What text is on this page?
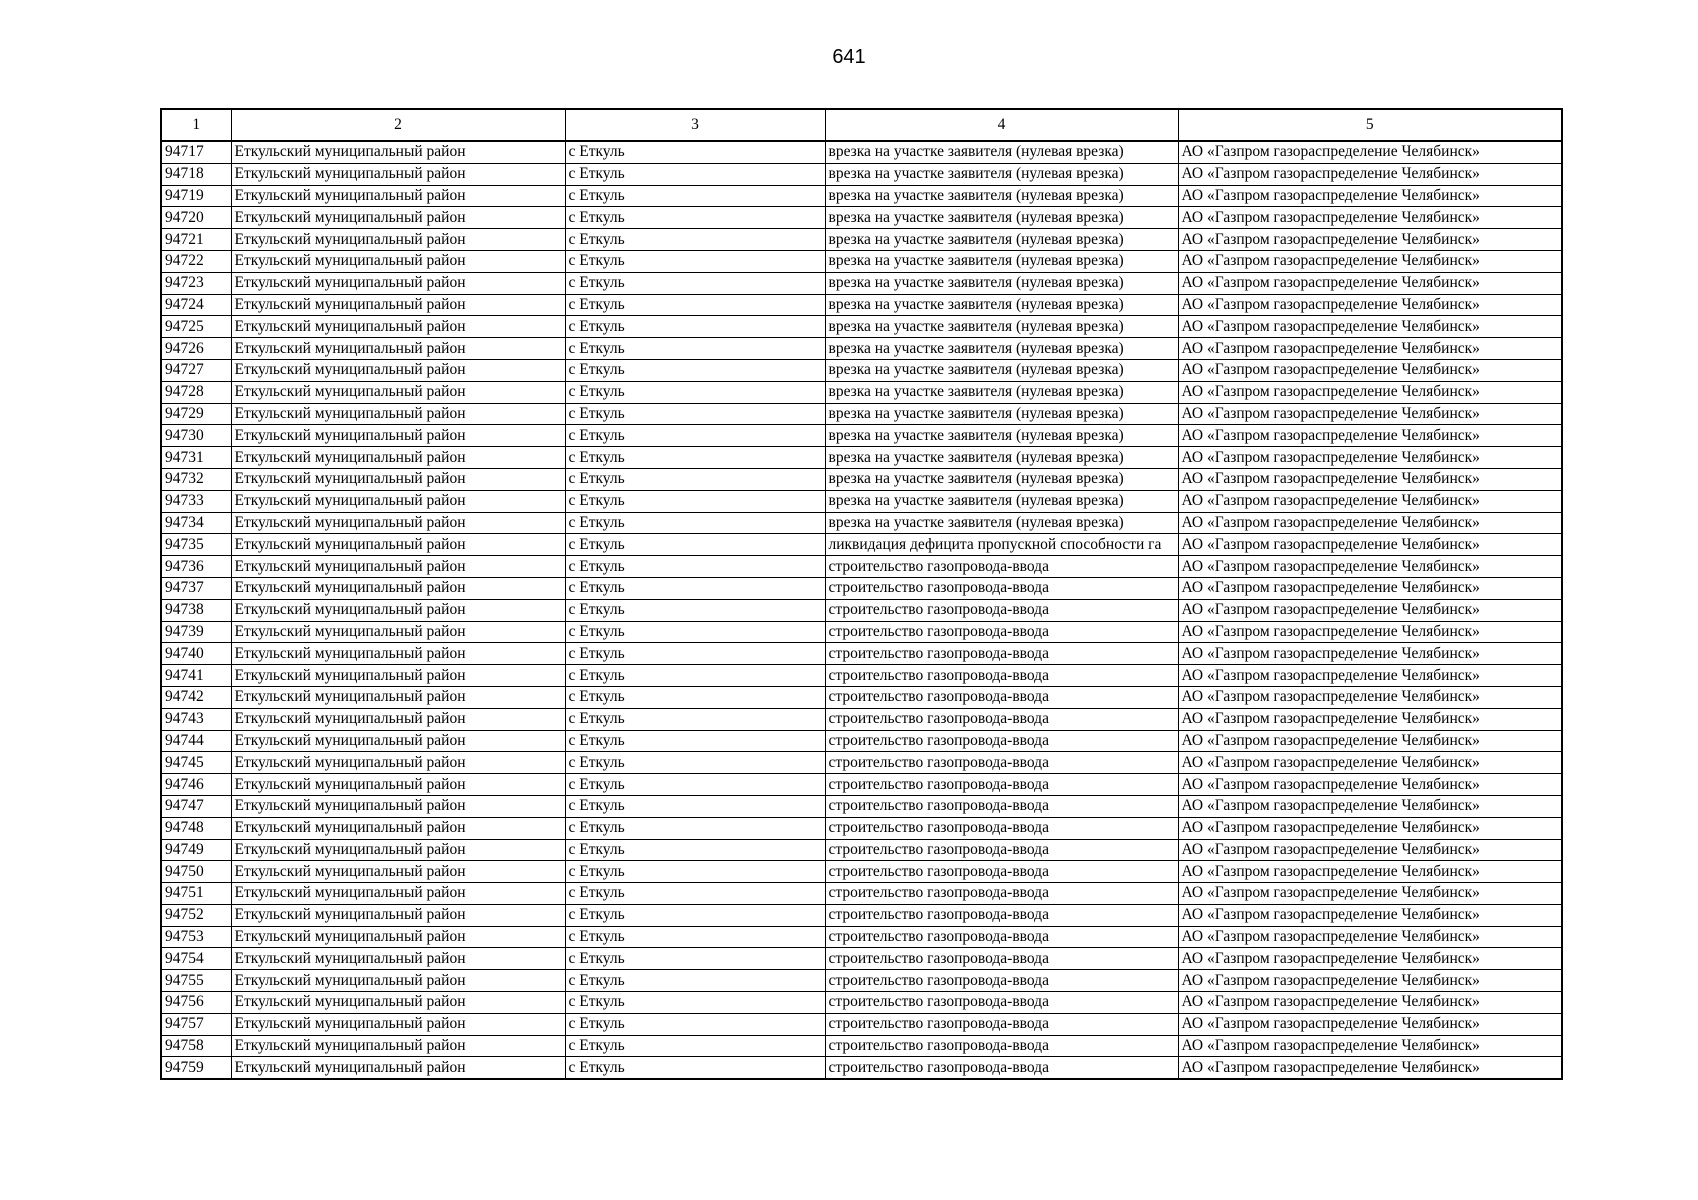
641
1	2	3	4	5
94717	Еткульский муниципальный район	с Еткуль	врезка на участке заявителя (нулевая врезка)	АО «Газпром газораспределение Челябинск»
94718	Еткульский муниципальный район	с Еткуль	врезка на участке заявителя (нулевая врезка)	АО «Газпром газораспределение Челябинск»
94719	Еткульский муниципальный район	с Еткуль	врезка на участке заявителя (нулевая врезка)	АО «Газпром газораспределение Челябинск»
94720	Еткульский муниципальный район	с Еткуль	врезка на участке заявителя (нулевая врезка)	АО «Газпром газораспределение Челябинск»
94721	Еткульский муниципальный район	с Еткуль	врезка на участке заявителя (нулевая врезка)	АО «Газпром газораспределение Челябинск»
94722	Еткульский муниципальный район	с Еткуль	врезка на участке заявителя (нулевая врезка)	АО «Газпром газораспределение Челябинск»
94723	Еткульский муниципальный район	с Еткуль	врезка на участке заявителя (нулевая врезка)	АО «Газпром газораспределение Челябинск»
94724	Еткульский муниципальный район	с Еткуль	врезка на участке заявителя (нулевая врезка)	АО «Газпром газораспределение Челябинск»
94725	Еткульский муниципальный район	с Еткуль	врезка на участке заявителя (нулевая врезка)	АО «Газпром газораспределение Челябинск»
94726	Еткульский муниципальный район	с Еткуль	врезка на участке заявителя (нулевая врезка)	АО «Газпром газораспределение Челябинск»
94727	Еткульский муниципальный район	с Еткуль	врезка на участке заявителя (нулевая врезка)	АО «Газпром газораспределение Челябинск»
94728	Еткульский муниципальный район	с Еткуль	врезка на участке заявителя (нулевая врезка)	АО «Газпром газораспределение Челябинск»
94729	Еткульский муниципальный район	с Еткуль	врезка на участке заявителя (нулевая врезка)	АО «Газпром газораспределение Челябинск»
94730	Еткульский муниципальный район	с Еткуль	врезка на участке заявителя (нулевая врезка)	АО «Газпром газораспределение Челябинск»
94731	Еткульский муниципальный район	с Еткуль	врезка на участке заявителя (нулевая врезка)	АО «Газпром газораспределение Челябинск»
94732	Еткульский муниципальный район	с Еткуль	врезка на участке заявителя (нулевая врезка)	АО «Газпром газораспределение Челябинск»
94733	Еткульский муниципальный район	с Еткуль	врезка на участке заявителя (нулевая врезка)	АО «Газпром газораспределение Челябинск»
94734	Еткульский муниципальный район	с Еткуль	врезка на участке заявителя (нулевая врезка)	АО «Газпром газораспределение Челябинск»
94735	Еткульский муниципальный район	с Еткуль	ликвидация дефицита пропускной способности га	АО «Газпром газораспределение Челябинск»
94736	Еткульский муниципальный район	с Еткуль	строительство газопровода-ввода	АО «Газпром газораспределение Челябинск»
94737	Еткульский муниципальный район	с Еткуль	строительство газопровода-ввода	АО «Газпром газораспределение Челябинск»
94738	Еткульский муниципальный район	с Еткуль	строительство газопровода-ввода	АО «Газпром газораспределение Челябинск»
94739	Еткульский муниципальный район	с Еткуль	строительство газопровода-ввода	АО «Газпром газораспределение Челябинск»
94740	Еткульский муниципальный район	с Еткуль	строительство газопровода-ввода	АО «Газпром газораспределение Челябинск»
94741	Еткульский муниципальный район	с Еткуль	строительство газопровода-ввода	АО «Газпром газораспределение Челябинск»
94742	Еткульский муниципальный район	с Еткуль	строительство газопровода-ввода	АО «Газпром газораспределение Челябинск»
94743	Еткульский муниципальный район	с Еткуль	строительство газопровода-ввода	АО «Газпром газораспределение Челябинск»
94744	Еткульский муниципальный район	с Еткуль	строительство газопровода-ввода	АО «Газпром газораспределение Челябинск»
94745	Еткульский муниципальный район	с Еткуль	строительство газопровода-ввода	АО «Газпром газораспределение Челябинск»
94746	Еткульский муниципальный район	с Еткуль	строительство газопровода-ввода	АО «Газпром газораспределение Челябинск»
94747	Еткульский муниципальный район	с Еткуль	строительство газопровода-ввода	АО «Газпром газораспределение Челябинск»
94748	Еткульский муниципальный район	с Еткуль	строительство газопровода-ввода	АО «Газпром газораспределение Челябинск»
94749	Еткульский муниципальный район	с Еткуль	строительство газопровода-ввода	АО «Газпром газораспределение Челябинск»
94750	Еткульский муниципальный район	с Еткуль	строительство газопровода-ввода	АО «Газпром газораспределение Челябинск»
94751	Еткульский муниципальный район	с Еткуль	строительство газопровода-ввода	АО «Газпром газораспределение Челябинск»
94752	Еткульский муниципальный район	с Еткуль	строительство газопровода-ввода	АО «Газпром газораспределение Челябинск»
94753	Еткульский муниципальный район	с Еткуль	строительство газопровода-ввода	АО «Газпром газораспределение Челябинск»
94754	Еткульский муниципальный район	с Еткуль	строительство газопровода-ввода	АО «Газпром газораспределение Челябинск»
94755	Еткульский муниципальный район	с Еткуль	строительство газопровода-ввода	АО «Газпром газораспределение Челябинск»
94756	Еткульский муниципальный район	с Еткуль	строительство газопровода-ввода	АО «Газпром газораспределение Челябинск»
94757	Еткульский муниципальный район	с Еткуль	строительство газопровода-ввода	АО «Газпром газораспределение Челябинск»
94758	Еткульский муниципальный район	с Еткуль	строительство газопровода-ввода	АО «Газпром газораспределение Челябинск»
94759	Еткульский муниципальный район	с Еткуль	строительство газопровода-ввода	АО «Газпром газораспределение Челябинск»
